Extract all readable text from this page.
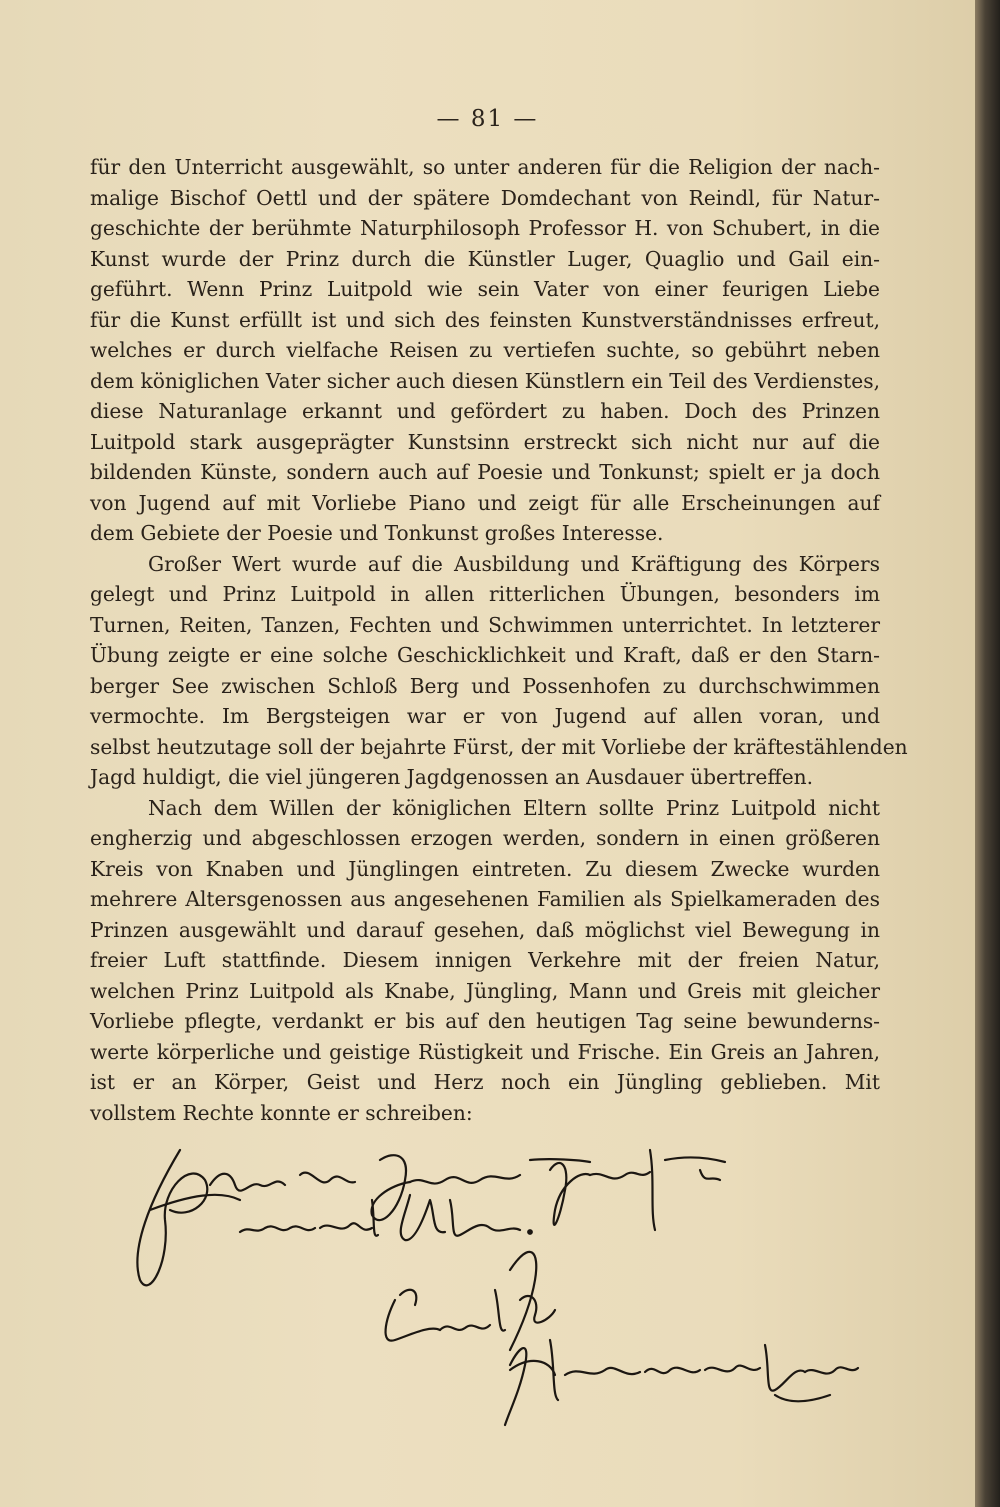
— 81 —
für den Unterricht ausgewählt, so unter anderen für die Religion der nach-
malige Bischof Oettl und der spätere Domdechant von Reindl, für Natur-
geschichte der berühmte Naturphilosoph Professor H. von Schubert, in die
Kunst wurde der Prinz durch die Künstler Luger, Quaglio und Gail ein-
geführt. Wenn Prinz Luitpold wie sein Vater von einer feurigen Liebe
für die Kunst erfüllt ist und sich des feinsten Kunstverständnisses erfreut,
welches er durch vielfache Reisen zu vertiefen suchte, so gebührt neben
dem königlichen Vater sicher auch diesen Künstlern ein Teil des Verdienstes,
diese Naturanlage erkannt und gefördert zu haben. Doch des Prinzen
Luitpold stark ausgeprägter Kunstsinn erstreckt sich nicht nur auf die
bildenden Künste, sondern auch auf Poesie und Tonkunst; spielt er ja doch
von Jugend auf mit Vorliebe Piano und zeigt für alle Erscheinungen auf
dem Gebiete der Poesie und Tonkunst großes Interesse.
Großer Wert wurde auf die Ausbildung und Kräftigung des Körpers
gelegt und Prinz Luitpold in allen ritterlichen Übungen, besonders im
Turnen, Reiten, Tanzen, Fechten und Schwimmen unterrichtet. In letzterer
Übung zeigte er eine solche Geschicklichkeit und Kraft, daß er den Starn-
berger See zwischen Schloß Berg und Possenhofen zu durchschwimmen
vermochte. Im Bergsteigen war er von Jugend auf allen voran, und
selbst heutzutage soll der bejahrte Fürst, der mit Vorliebe der kräftestählenden
Jagd huldigt, die viel jüngeren Jagdgenossen an Ausdauer übertreffen.
Nach dem Willen der königlichen Eltern sollte Prinz Luitpold nicht
engherzig und abgeschlossen erzogen werden, sondern in einen größeren
Kreis von Knaben und Jünglingen eintreten. Zu diesem Zwecke wurden
mehrere Altersgenossen aus angesehenen Familien als Spielkameraden des
Prinzen ausgewählt und darauf gesehen, daß möglichst viel Bewegung in
freier Luft stattfinde. Diesem innigen Verkehre mit der freien Natur,
welchen Prinz Luitpold als Knabe, Jüngling, Mann und Greis mit gleicher
Vorliebe pflegte, verdankt er bis auf den heutigen Tag seine bewunderns-
werte körperliche und geistige Rüstigkeit und Frische. Ein Greis an Jahren,
ist er an Körper, Geist und Herz noch ein Jüngling geblieben. Mit
vollstem Rechte konnte er schreiben:
